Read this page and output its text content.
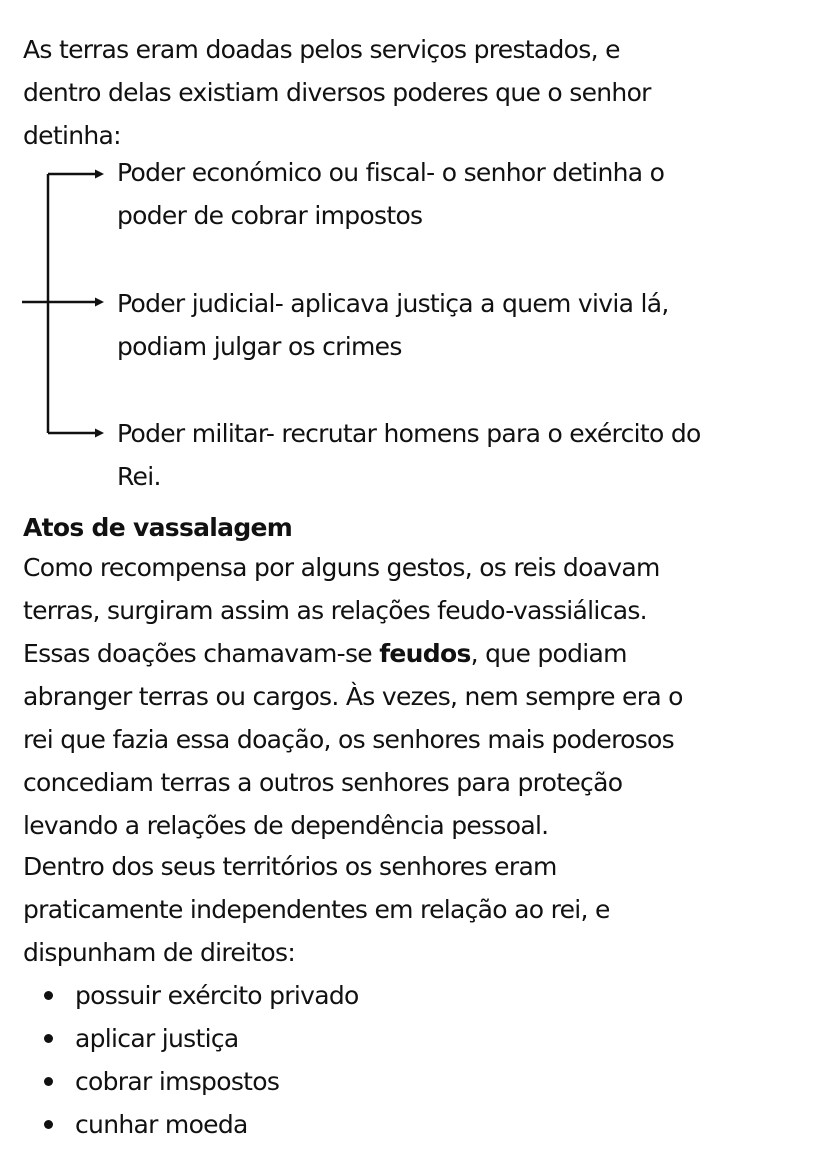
As terras eram doadas pelos serviços prestados, e
dentro delas existiam diversos poderes que o senhor
detinha:
Poder económico ou fiscal- o senhor detinha o
poder de cobrar impostos
Poder judicial- aplicava justiça a quem vivia lá,
podiam julgar os crimes
Poder militar- recrutar homens para o exército do
Rei.
Atos de vassalagem
Como recompensa por alguns gestos, os reis doavam
terras, surgiram assim as relações feudo-vassiálicas.
Essas doações chamavam-se feudos, que podiam
abranger terras ou cargos. Às vezes, nem sempre era o
rei que fazia essa doação, os senhores mais poderosos
concediam terras a outros senhores para proteção
levando a relações de dependência pessoal.
Dentro dos seus territórios os senhores eram
praticamente independentes em relação ao rei, e
dispunham de direitos:
possuir exército privado
aplicar justiça
cobrar imspostos
cunhar moeda
